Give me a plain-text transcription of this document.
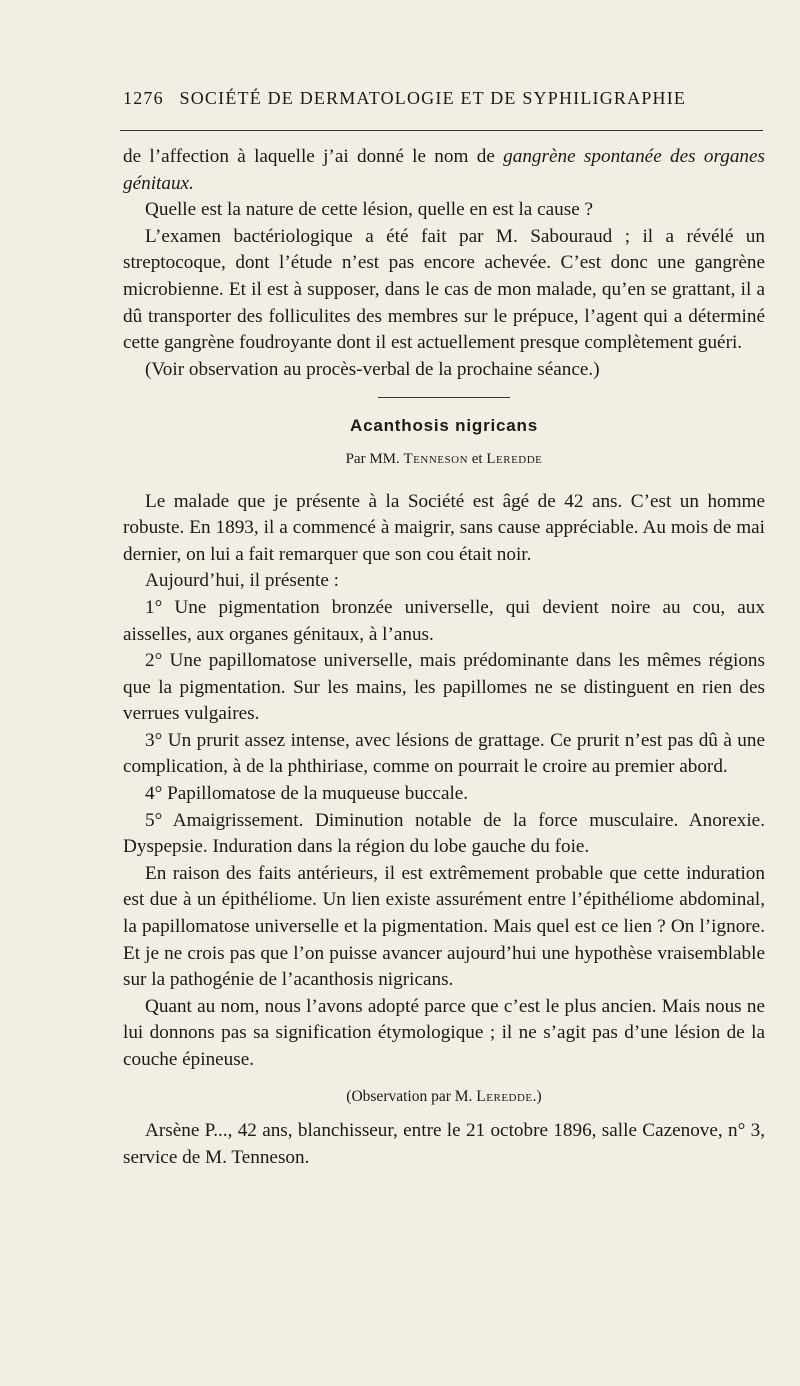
1276 SOCIÉTÉ DE DERMATOLOGIE ET DE SYPHILIGRAPHIE

de l’affection à laquelle j’ai donné le nom de gangrène spontanée des organes génitaux.

Quelle est la nature de cette lésion, quelle en est la cause ?

L’examen bactériologique a été fait par M. Sabouraud ; il a révélé un streptocoque, dont l’étude n’est pas encore achevée. C’est donc une gangrène microbienne. Et il est à supposer, dans le cas de mon malade, qu’en se grattant, il a dû transporter des folliculites des membres sur le prépuce, l’agent qui a déterminé cette gangrène foudroyante dont il est actuellement presque complètement guéri.

(Voir observation au procès-verbal de la prochaine séance.)

Acanthosis nigricans
Par MM. Tenneson et Leredde

Le malade que je présente à la Société est âgé de 42 ans. C’est un homme robuste. En 1893, il a commencé à maigrir, sans cause appréciable. Au mois de mai dernier, on lui a fait remarquer que son cou était noir.

Aujourd’hui, il présente :

1° Une pigmentation bronzée universelle, qui devient noire au cou, aux aisselles, aux organes génitaux, à l’anus.

2° Une papillomatose universelle, mais prédominante dans les mêmes régions que la pigmentation. Sur les mains, les papillomes ne se distinguent en rien des verrues vulgaires.

3° Un prurit assez intense, avec lésions de grattage. Ce prurit n’est pas dû à une complication, à de la phthiriase, comme on pourrait le croire au premier abord.

4° Papillomatose de la muqueuse buccale.

5° Amaigrissement. Diminution notable de la force musculaire. Anorexie. Dyspepsie. Induration dans la région du lobe gauche du foie.

En raison des faits antérieurs, il est extrêmement probable que cette induration est due à un épithéliome. Un lien existe assurément entre l’épithéliome abdominal, la papillomatose universelle et la pigmentation. Mais quel est ce lien ? On l’ignore. Et je ne crois pas que l’on puisse avancer aujourd’hui une hypothèse vraisemblable sur la pathogénie de l’acanthosis nigricans.

Quant au nom, nous l’avons adopté parce que c’est le plus ancien. Mais nous ne lui donnons pas sa signification étymologique ; il ne s’agit pas d’une lésion de la couche épineuse.

(Observation par M. Leredde.)

Arsène P..., 42 ans, blanchisseur, entre le 21 octobre 1896, salle Cazenove, n° 3, service de M. Tenneson.
